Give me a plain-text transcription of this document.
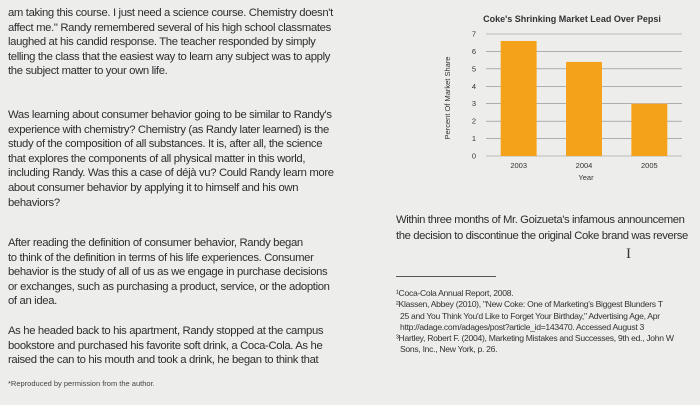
am taking this course. I just need a science course. Chemistry doesn't
affect me." Randy remembered several of his high school classmates
laughed at his candid response. The teacher responded by simply
telling the class that the easiest way to learn any subject was to apply
the subject matter to your own life.
Was learning about consumer behavior going to be similar to Randy's
experience with chemistry? Chemistry (as Randy later learned) is the
study of the composition of all substances. It is, after all, the science
that explores the components of all physical matter in this world,
including Randy. Was this a case of déjà vu? Could Randy learn more
about consumer behavior by applying it to himself and his own
behaviors?
After reading the definition of consumer behavior, Randy began
to think of the definition in terms of his life experiences. Consumer
behavior is the study of all of us as we engage in purchase decisions
or exchanges, such as purchasing a product, service, or the adoption
of an idea.
As he headed back to his apartment, Randy stopped at the campus
bookstore and purchased his favorite soft drink, a Coca-Cola. As he
raised the can to his mouth and took a drink, he began to think that
*Reproduced by permission from the author.
Coke's Shrinking Market Lead Over Pepsi
Percent Of Market Share
Year
0
1
2
3
4
5
6
7
2003	2004	2005
Within three months of Mr. Goizueta's infamous announcemen
the decision to discontinue the original Coke brand was reverse
I
¹Coca-Cola Annual Report, 2008.
²Klassen, Abbey (2010), "New Coke: One of Marketing's Biggest Blunders T
25 and You Think You'd Like to Forget Your Birthday," Advertising Age, Apr
http://adage.com/adages/post?article_id=143470. Accessed August 3
³Hartley, Robert F. (2004), Marketing Mistakes and Successes, 9th ed., John W
Sons, Inc., New York, p. 26.
